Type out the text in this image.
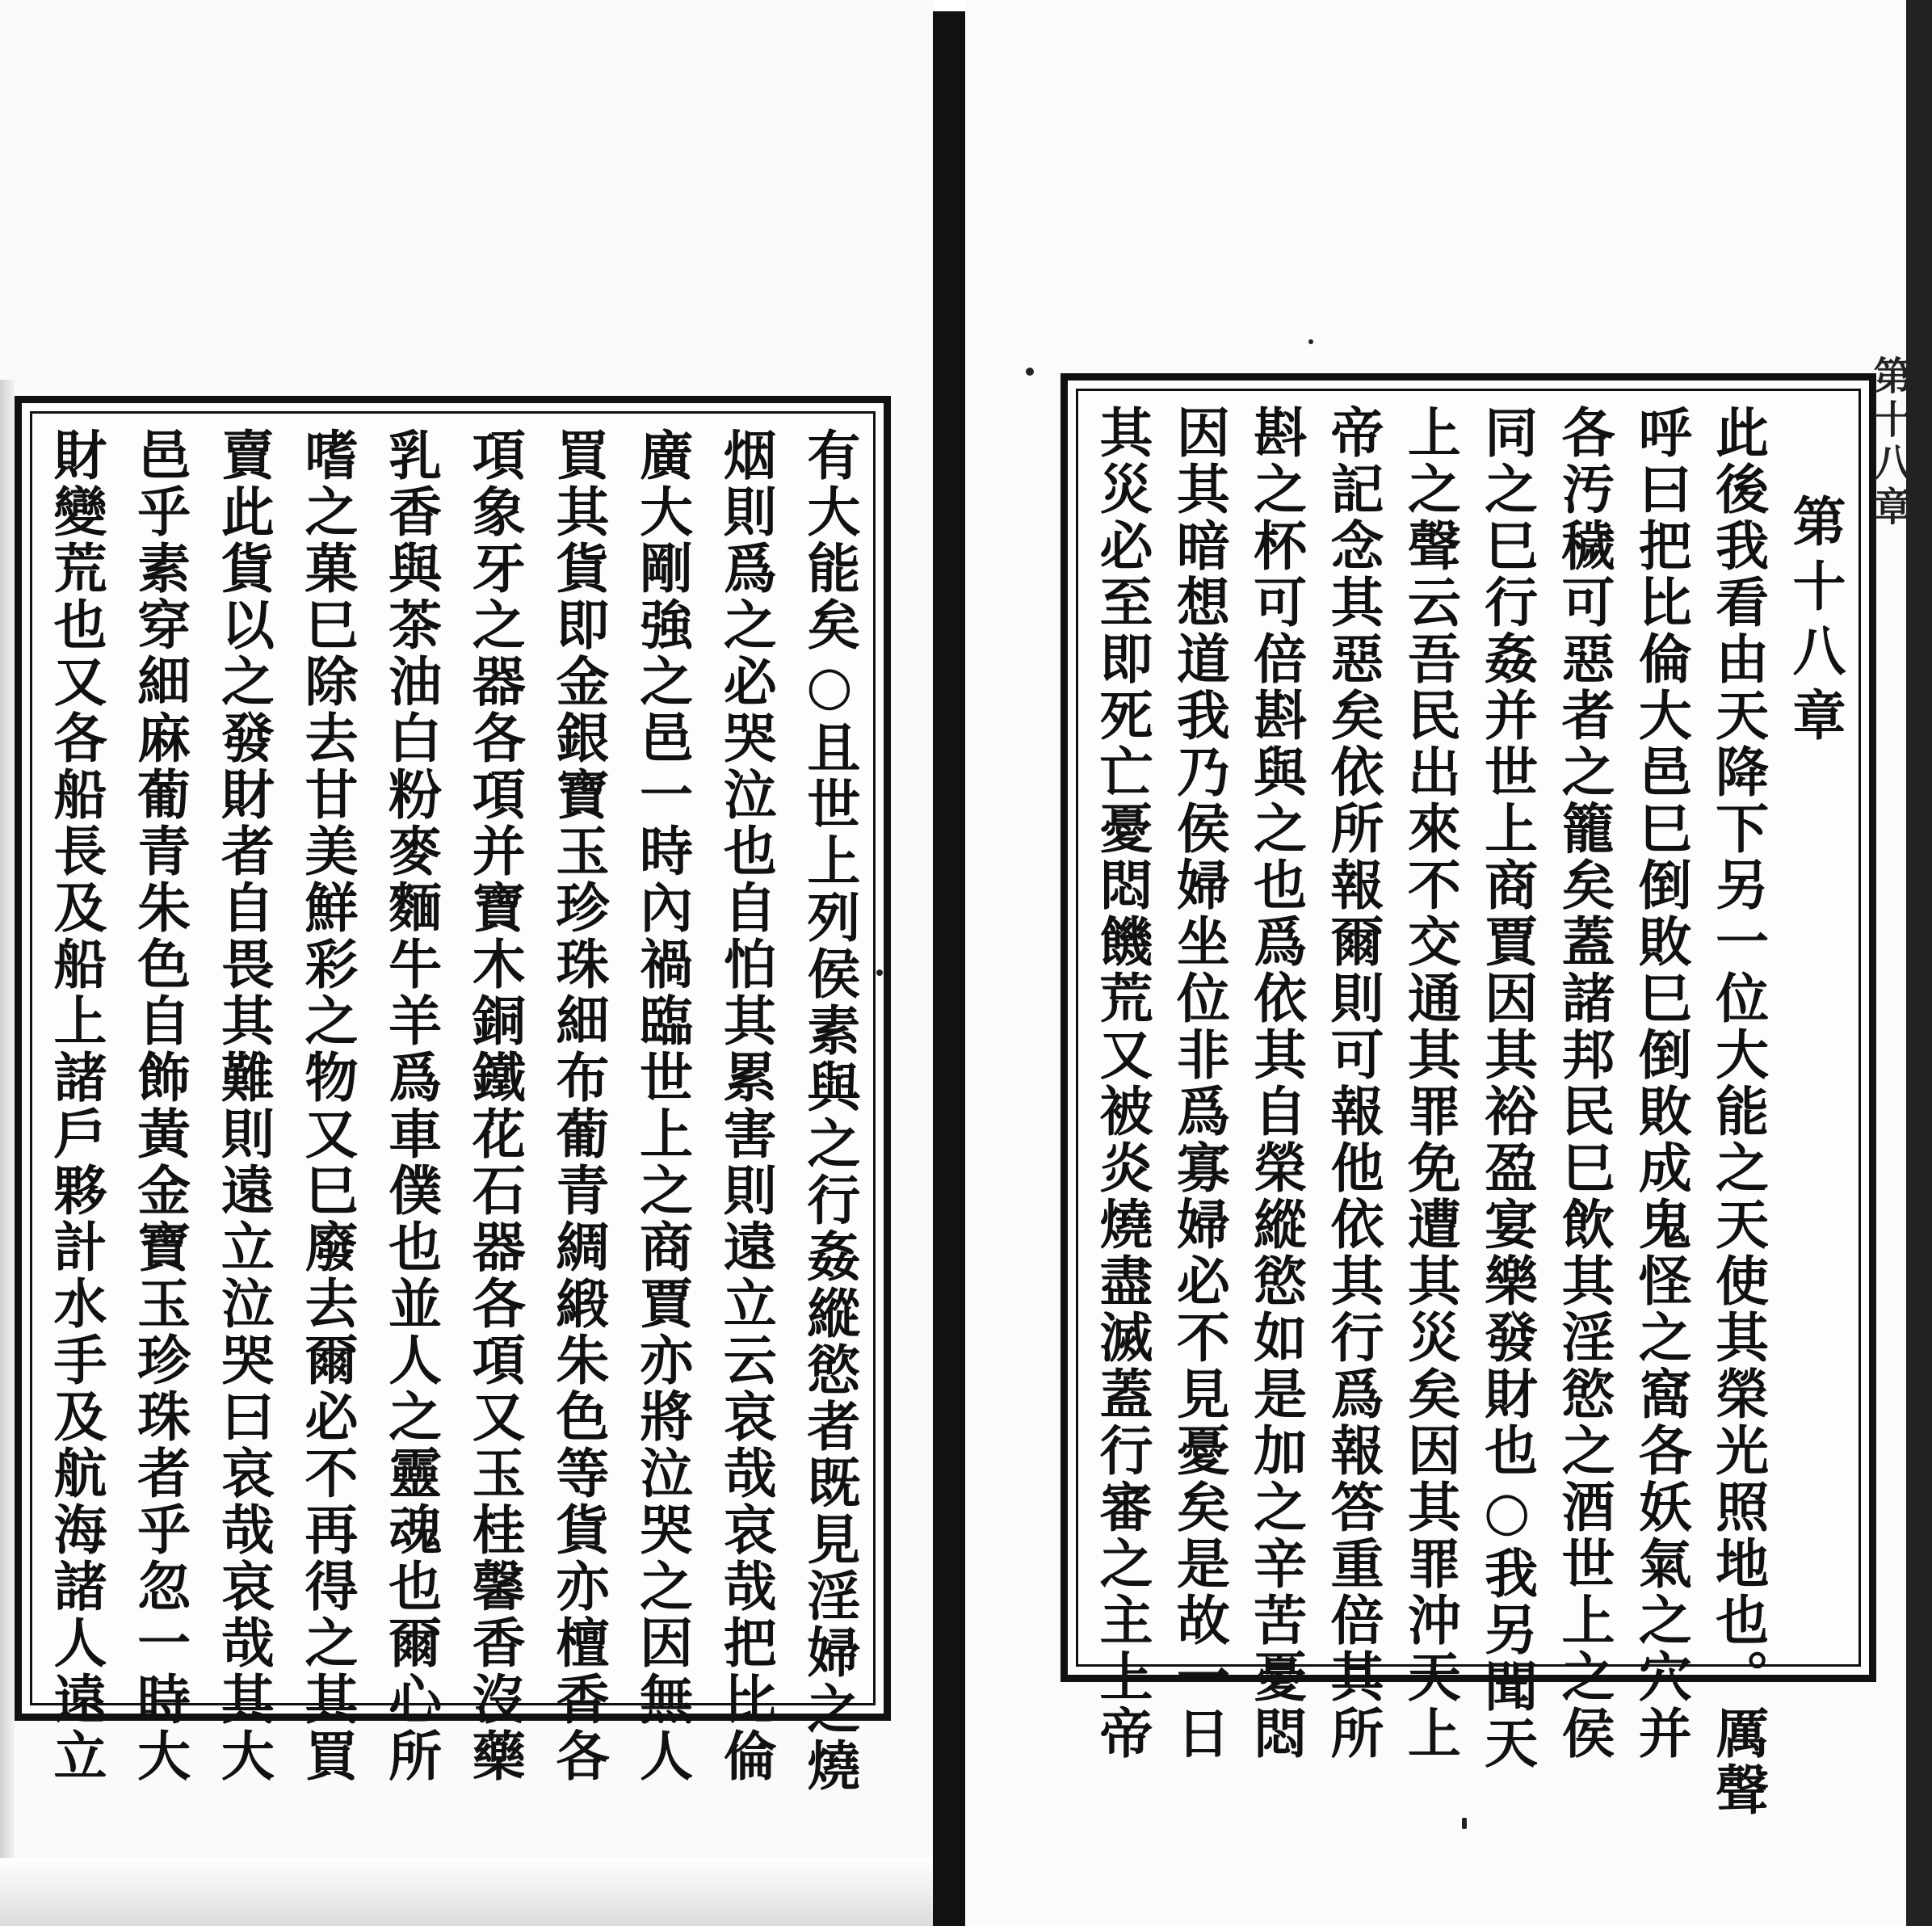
有大能矣○且世上列侯素與之行姦縱慾者既見淫婦之燒
烟則爲之必哭泣也自怕其累害則遠立云哀哉哀哉把比倫
廣大剛強之邑一時內禍臨世上之商賈亦將泣哭之因無人
買其貨即金銀寶玉珍珠細布葡青綢緞朱色等貨亦檀香各
項象牙之器各項并寶木銅鐵花石器各項又玉桂馨香沒藥
乳香與茶油白粉麥麵牛羊爲車僕也並人之靈魂也爾心所
嗜之菓巳除去甘美鮮彩之物又巳廢去爾必不再得之其買
賣此貨以之發財者自畏其難則遠立泣哭曰哀哉哀哉其大
邑乎素穿細麻葡青朱色自飾黃金寶玉珍珠者乎忽一時大
財變荒也又各船長及船上諸戶夥計水手及航海諸人遠立	第十八章
此後我看由天降下另一位大能之天使其榮光照地也。厲聲
呼曰把比倫大邑巳倒敗巳倒敗成鬼怪之窩各妖氣之穴并
各汚穢可惡者之籠矣蓋諸邦民巳飲其淫慾之酒世上之侯
同之巳行姦并世上商賈因其裕盈宴樂發財也○我另聞天
上之聲云吾民出來不交通其罪免遭其災矣因其罪沖天上
帝記念其惡矣依所報爾則可報他依其行爲報答重倍其所
斟之杯可倍斟與之也爲依其自榮縱慾如是加之辛苦憂悶
因其暗想道我乃侯婦坐位非爲寡婦必不見憂矣是故一日
其災必至即死亡憂悶饑荒又被炎燒盡滅蓋行審之主上帝	第十八章
